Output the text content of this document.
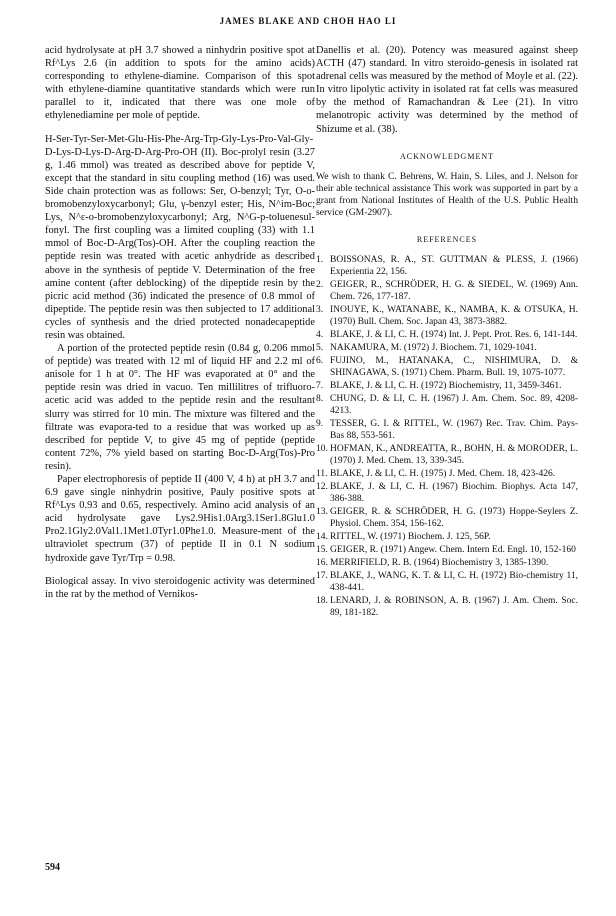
JAMES BLAKE AND CHOH HAO LI

acid hydrolysate at pH 3.7 showed a ninhydrin positive spot at Rf^Lys 2.6 (in addition to spots for the amino acids) corresponding to ethylene-diamine. Comparison of this spot with ethylene-diamine quantitative standards which were run parallel to it, indicated that there was one mole of ethylenediamine per mole of peptide.

H-Ser-Tyr-Ser-Met-Glu-His-Phe-Arg-Trp-Gly-Lys-Pro-Val-Gly-D-Lys-D-Lys-D-Arg-D-Arg-Pro-OH (II). Boc-prolyl resin (3.27 g, 1.46 mmol) was treated as described above for peptide V, except that the standard in situ coupling method (16) was used. Side chain protection was as follows: Ser, O-benzyl; Tyr, O-o-bromobenzyloxycarbonyl; Glu, γ-benzyl ester; His, N^im-Boc; Lys, N^ε-o-bromobenzyloxycarbonyl; Arg, N^G-p-toluenesul-fonyl. The first coupling was a limited coupling (33) with 1.1 mmol of Boc-D-Arg(Tos)-OH. After the coupling reaction the peptide resin was treated with acetic anhydride as described above in the synthesis of peptide V. Determination of the free amine content (after deblocking) of the dipeptide resin by the picric acid method (36) indicated the presence of 0.8 mmol of dipeptide. The peptide resin was then subjected to 17 additional cycles of synthesis and the dried protected nonadecapeptide resin was obtained.

A portion of the protected peptide resin (0.84 g, 0.206 mmol of peptide) was treated with 12 ml of liquid HF and 2.2 ml of anisole for 1 h at 0°. The HF was evaporated at 0° and the peptide resin was dried in vacuo. Ten millilitres of trifluoro-acetic acid was added to the peptide resin and the resultant slurry was stirred for 10 min. The mixture was filtered and the filtrate was evapora-ted to a residue that was worked up as described for peptide V, to give 45 mg of peptide (peptide content 72%, 7% yield based on starting Boc-D-Arg(Tos)-Pro resin).

Paper electrophoresis of peptide II (400 V, 4 h) at pH 3.7 and 6.9 gave single ninhydrin positive, Pauly positive spots at Rf^Lys 0.93 and 0.65, respectively. Amino acid analysis of an acid hydrolysate gave Lys2.9His1.0Arg3.1Ser1.8Glu1.0 Pro2.1Gly2.0Val1.1Met1.0Tyr1.0Phe1.0. Measure-ment of the ultraviolet spectrum (37) of peptide II in 0.1 N sodium hydroxide gave Tyr/Trp = 0.98.

Biological assay. In vivo steroidogenic activity was determined in the rat by the method of Vernikos-

Danellis et al. (20). Potency was measured against sheep ACTH (47) standard. In vitro steroido-genesis in isolated rat adrenal cells was measured by the method of Moyle et al. (22). In vitro lipolytic activity in isolated rat fat cells was measured by the method of Ramachandran & Lee (21). In vitro melanotropic activity was determined by the method of Shizume et al. (38).

ACKNOWLEDGMENT

We wish to thank C. Behrens, W. Hain, S. Liles, and J. Nelson for their able technical assistance This work was supported in part by a grant from National Institutes of Health of the U.S. Public Health service (GM-2907).

REFERENCES
1. BOISSONAS, R. A., ST. GUTTMAN & PLESS, J. (1966) Experientia 22, 156.
2. GEIGER, R., SCHRÖDER, H. G. & SIEDEL, W. (1969) Ann. Chem. 726, 177-187.
3. INOUYE, K., WATANABE, K., NAMBA, K. & OTSUKA, H. (1970) Bull. Chem. Soc. Japan 43, 3873-3882.
4. BLAKE, J. & LI, C. H. (1974) Int. J. Pept. Prot. Res. 6, 141-144.
5. NAKAMURA, M. (1972) J. Biochem. 71, 1029-1041.
6. FUJINO, M., HATANAKA, C., NISHIMURA, D. & SHINAGAWA, S. (1971) Chem. Pharm. Bull. 19, 1075-1077.
7. BLAKE, J. & LI, C. H. (1972) Biochemistry, 11, 3459-3461.
8. CHUNG, D. & LI, C. H. (1967) J. Am. Chem. Soc. 89, 4208-4213.
9. TESSER, G. I. & RITTEL, W. (1967) Rec. Trav. Chim. Pays-Bas 88, 553-561.
10. HOFMAN, K., ANDREATTA, R., BOHN, H. & MORODER, L. (1970) J. Med. Chem. 13, 339-345.
11. BLAKE, J. & LI, C. H. (1975) J. Med. Chem. 18, 423-426.
12. BLAKE, J. & LI, C. H. (1967) Biochim. Biophys. Acta 147, 386-388.
13. GEIGER, R. & SCHRÖDER, H. G. (1973) Hoppe-Seylers Z. Physiol. Chem. 354, 156-162.
14. RITTEL, W. (1971) Biochem. J. 125, 56P.
15. GEIGER, R. (1971) Angew. Chem. Intern Ed. Engl. 10, 152-160
16. MERRIFIELD, R. B. (1964) Biochemistry 3, 1385-1390.
17. BLAKE, J., WANG, K. T. & LI, C. H. (1972) Bio-chemistry 11, 438-441.
18. LENARD, J. & ROBINSON, A. B. (1967) J. Am. Chem. Soc. 89, 181-182.
594
